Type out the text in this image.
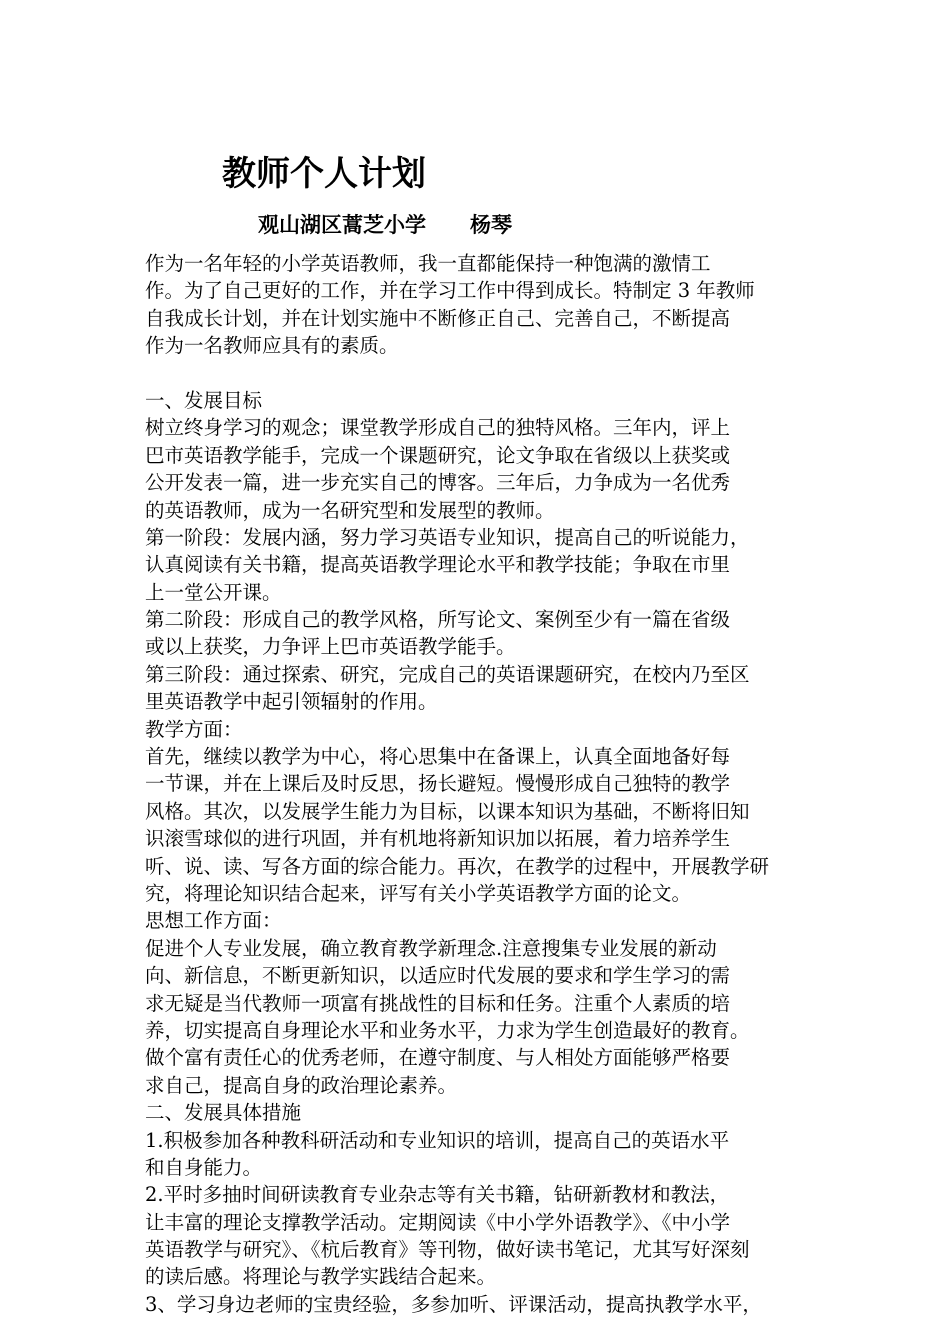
教师个人计划

观山湖区蒿芝小学 杨琴

作为一名年轻的小学英语教师，我一直都能保持一种饱满的激情工
作。为了自己更好的工作，并在学习工作中得到成长。特制定 3 年教师
自我成长计划，并在计划实施中不断修正自己、完善自己，不断提高
作为一名教师应具有的素质。
一、发展目标
树立终身学习的观念；课堂教学形成自己的独特风格。三年内，评上
巴市英语教学能手，完成一个课题研究，论文争取在省级以上获奖或
公开发表一篇，进一步充实自己的博客。三年后，力争成为一名优秀
的英语教师，成为一名研究型和发展型的教师。
第一阶段：发展内涵，努力学习英语专业知识，提高自己的听说能力，
认真阅读有关书籍，提高英语教学理论水平和教学技能；争取在市里
上一堂公开课。
第二阶段：形成自己的教学风格，所写论文、案例至少有一篇在省级
或以上获奖，力争评上巴市英语教学能手。
第三阶段：通过探索、研究，完成自己的英语课题研究，在校内乃至区
里英语教学中起引领辐射的作用。
教学方面：
首先，继续以教学为中心，将心思集中在备课上，认真全面地备好每
一节课，并在上课后及时反思，扬长避短。慢慢形成自己独特的教学
风格。其次，以发展学生能力为目标，以课本知识为基础，不断将旧知
识滚雪球似的进行巩固，并有机地将新知识加以拓展，着力培养学生
听、说、读、写各方面的综合能力。再次，在教学的过程中，开展教学研
究，将理论知识结合起来，评写有关小学英语教学方面的论文。
思想工作方面：
促进个人专业发展，确立教育教学新理念.注意搜集专业发展的新动
向、新信息，不断更新知识，以适应时代发展的要求和学生学习的需
求无疑是当代教师一项富有挑战性的目标和任务。注重个人素质的培
养，切实提高自身理论水平和业务水平，力求为学生创造最好的教育。
做个富有责任心的优秀老师，在遵守制度、与人相处方面能够严格要
求自己，提高自身的政治理论素养。
二、发展具体措施
1.积极参加各种教科研活动和专业知识的培训，提高自己的英语水平
和自身能力。
2.平时多抽时间研读教育专业杂志等有关书籍，钻研新教材和教法，
让丰富的理论支撑教学活动。定期阅读《中小学外语教学》、《中小学
英语教学与研究》、《杭后教育》等刊物，做好读书笔记，尤其写好深刻
的读后感。将理论与教学实践结合起来。
3、学习身边老师的宝贵经验，多参加听、评课活动，提高执教学水平，
